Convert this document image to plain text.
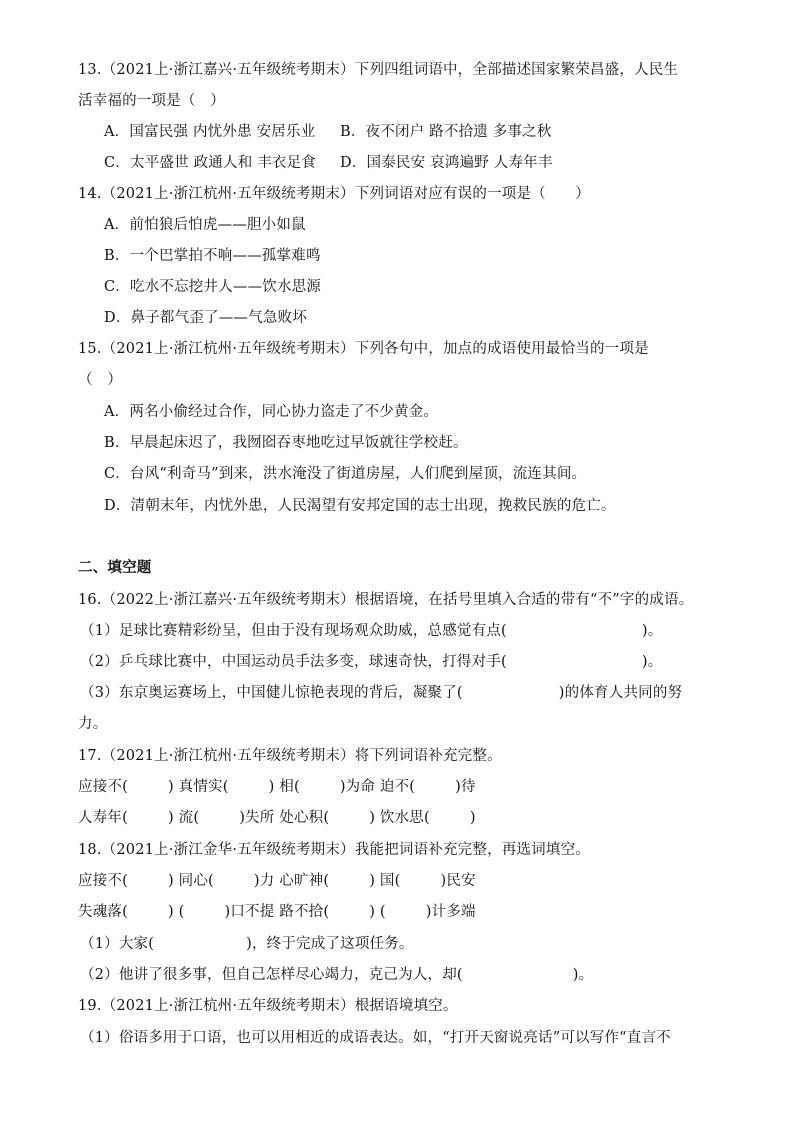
13.（2021上·浙江嘉兴·五年级统考期末）下列四组词语中，全部描述国家繁荣昌盛，人民生
活幸福的一项是（　）
A．国富民强 内忧外患 安居乐业 B．夜不闭户 路不拾遗 多事之秋
C．太平盛世 政通人和 丰衣足食 D．国泰民安 哀鸿遍野 人寿年丰
14.（2021上·浙江杭州·五年级统考期末）下列词语对应有误的一项是（　　）
A．前怕狼后怕虎——胆小如鼠
B．一个巴掌拍不响——孤掌难鸣
C．吃水不忘挖井人——饮水思源
D．鼻子都气歪了——气急败坏
15.（2021上·浙江杭州·五年级统考期末）下列各句中，加点的成语使用最恰当的一项是
（　）
A．两名小偷经过合作，同心协力盗走了不少黄金。
B．早晨起床迟了，我囫囵吞枣地吃过早饭就往学校赶。
C．台风“利奇马”到来，洪水淹没了街道房屋，人们爬到屋顶，流连其间。
D．清朝末年，内忧外患，人民渴望有安邦定国的志士出现，挽救民族的危亡。
二、填空题
16.（2022上·浙江嘉兴·五年级统考期末）根据语境，在括号里填入合适的带有“不”字的成语。
（1）足球比赛精彩纷呈，但由于没有现场观众助威，总感觉有点(	)。
（2）乒乓球比赛中，中国运动员手法多变，球速奇快，打得对手(	)。
（3）东京奥运赛场上，中国健儿惊艳表现的背后，凝聚了(	)的体育人共同的努
力。
17.（2021上·浙江杭州·五年级统考期末）将下列词语补充完整。
应接不(	) 真情实(	) 相(	)为命 迫不(	)待
人寿年(	) 流(	)失所 处心积(	) 饮水思(	)
18.（2021上·浙江金华·五年级统考期末）我能把词语补充完整，再选词填空。
应接不(	) 同心(	)力 心旷神(	) 国(	)民安
失魂落(	) (	)口不提 路不拾(	) (	)计多端
（1）大家(	)，终于完成了这项任务。
（2）他讲了很多事，但自己怎样尽心竭力，克己为人，却(	)。
19.（2021上·浙江杭州·五年级统考期末）根据语境填空。
（1）俗语多用于口语，也可以用相近的成语表达。如，“打开天窗说亮话”可以写作“直言不
